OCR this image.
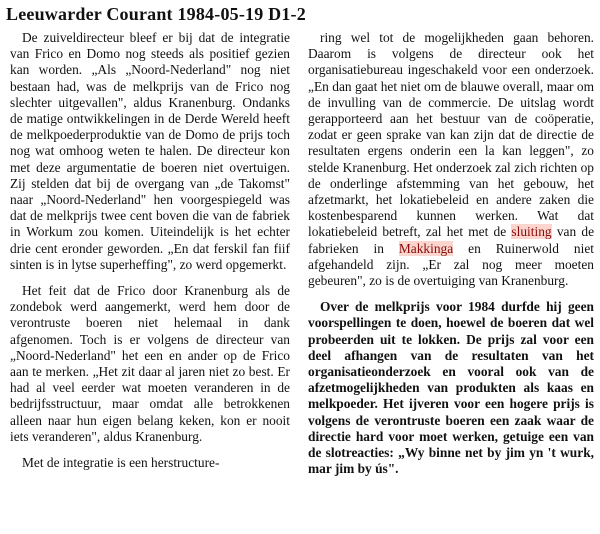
Leeuwarder Courant 1984-05-19 D1-2

De zuiveldirecteur bleef er bij dat de integratie van Frico en Domo nog steeds als positief gezien kan worden. „Als „Noord-Nederland" nog niet bestaan had, was de melkprijs van de Frico nog slechter uitgevallen", aldus Kranenburg. Ondanks de matige ontwikkelingen in de Derde Wereld heeft de melkpoederproduktie van de Domo de prijs toch nog wat omhoog weten te halen. De directeur kon met deze argumentatie de boeren niet overtuigen. Zij stelden dat bij de overgang van „de Takomst" naar „Noord-Nederland" hen voorgespiegeld was dat de melkprijs twee cent boven die van de fabriek in Workum zou komen. Uiteindelijk is het echter drie cent eronder geworden. „En dat ferskil fan fiif sinten is in lytse superheffing", zo werd opgemerkt.

Het feit dat de Frico door Kranenburg als de zondebok werd aangemerkt, werd hem door de verontruste boeren niet helemaal in dank afgenomen. Toch is er volgens de directeur van „Noord-Nederland" het een en ander op de Frico aan te merken. „Het zit daar al jaren niet zo best. Er had al veel eerder wat moeten veranderen in de bedrijfsstructuur, maar omdat alle betrokkenen alleen naar hun eigen belang keken, kon er nooit iets veranderen", aldus Kranenburg.

Met de integratie is een herstructure-

ring wel tot de mogelijkheden gaan behoren. Daarom is volgens de directeur ook het organisatiebureau ingeschakeld voor een onderzoek. „En dan gaat het niet om de blauwe overall, maar om de invulling van de commercie. De uitslag wordt gerapporteerd aan het bestuur van de coöperatie, zodat er geen sprake van kan zijn dat de directie de resultaten ergens onderin een la kan leggen", zo stelde Kranenburg. Het onderzoek zal zich richten op de onderlinge afstemming van het gebouw, het afzetmarkt, het lokatiebeleid en andere zaken die kostenbesparend kunnen werken. Wat dat lokatiebeleid betreft, zal het met de sluiting van de fabrieken in Makkinga en Ruinerwold niet afgehandeld zijn. „Er zal nog meer moeten gebeuren", zo is de overtuiging van Kranenburg.

Over de melkprijs voor 1984 durfde hij geen voorspellingen te doen, hoewel de boeren dat wel probeerden uit te lokken. De prijs zal voor een deel afhangen van de resultaten van het organisatieonderzoek en vooral ook van de afzetmogelijkheden van produkten als kaas en melkpoeder. Het ijveren voor een hogere prijs is volgens de verontruste boeren een zaak waar de directie hard voor moet werken, getuige een van de slotreacties: „Wy binne net by jim yn 't wurk, mar jim by ús".
